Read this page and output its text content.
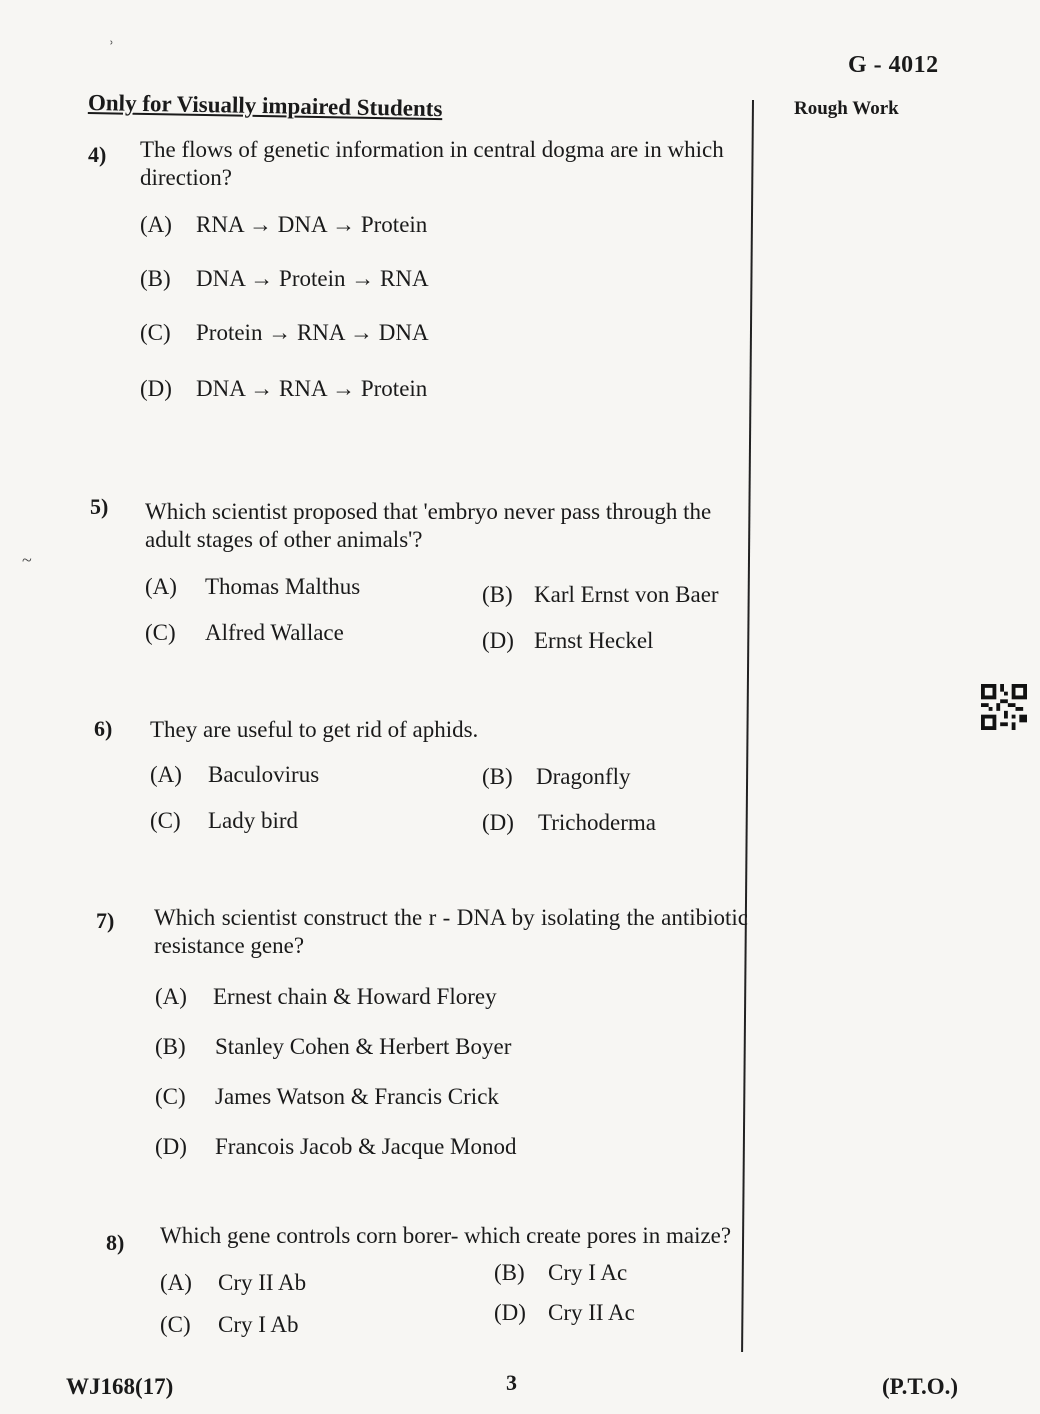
G - 4012
Rough Work
Only for Visually impaired Students
ʾ
~
4) The flows of genetic information in central dogma are in which direction?
(A) RNA → DNA → Protein
(B) DNA → Protein → RNA
(C) Protein → RNA → DNA
(D) DNA → RNA → Protein
5) Which scientist proposed that 'embryo never pass through the adult stages of other animals'?
(A) Thomas Malthus	(B) Karl Ernst von Baer
(C) Alfred Wallace	(D) Ernst Heckel
6) They are useful to get rid of aphids.
(A) Baculovirus	(B) Dragonfly
(C) Lady bird	(D) Trichoderma
7) Which scientist construct the r - DNA by isolating the antibiotic resistance gene?
(A) Ernest chain & Howard Florey
(B) Stanley Cohen & Herbert Boyer
(C) James Watson & Francis Crick
(D) Francois Jacob & Jacque Monod
8) Which gene controls corn borer- which create pores in maize?
(A) Cry II Ab	(B) Cry I Ac
(C) Cry I Ab	(D) Cry II Ac
WJ168(17)	3	(P.T.O.)
